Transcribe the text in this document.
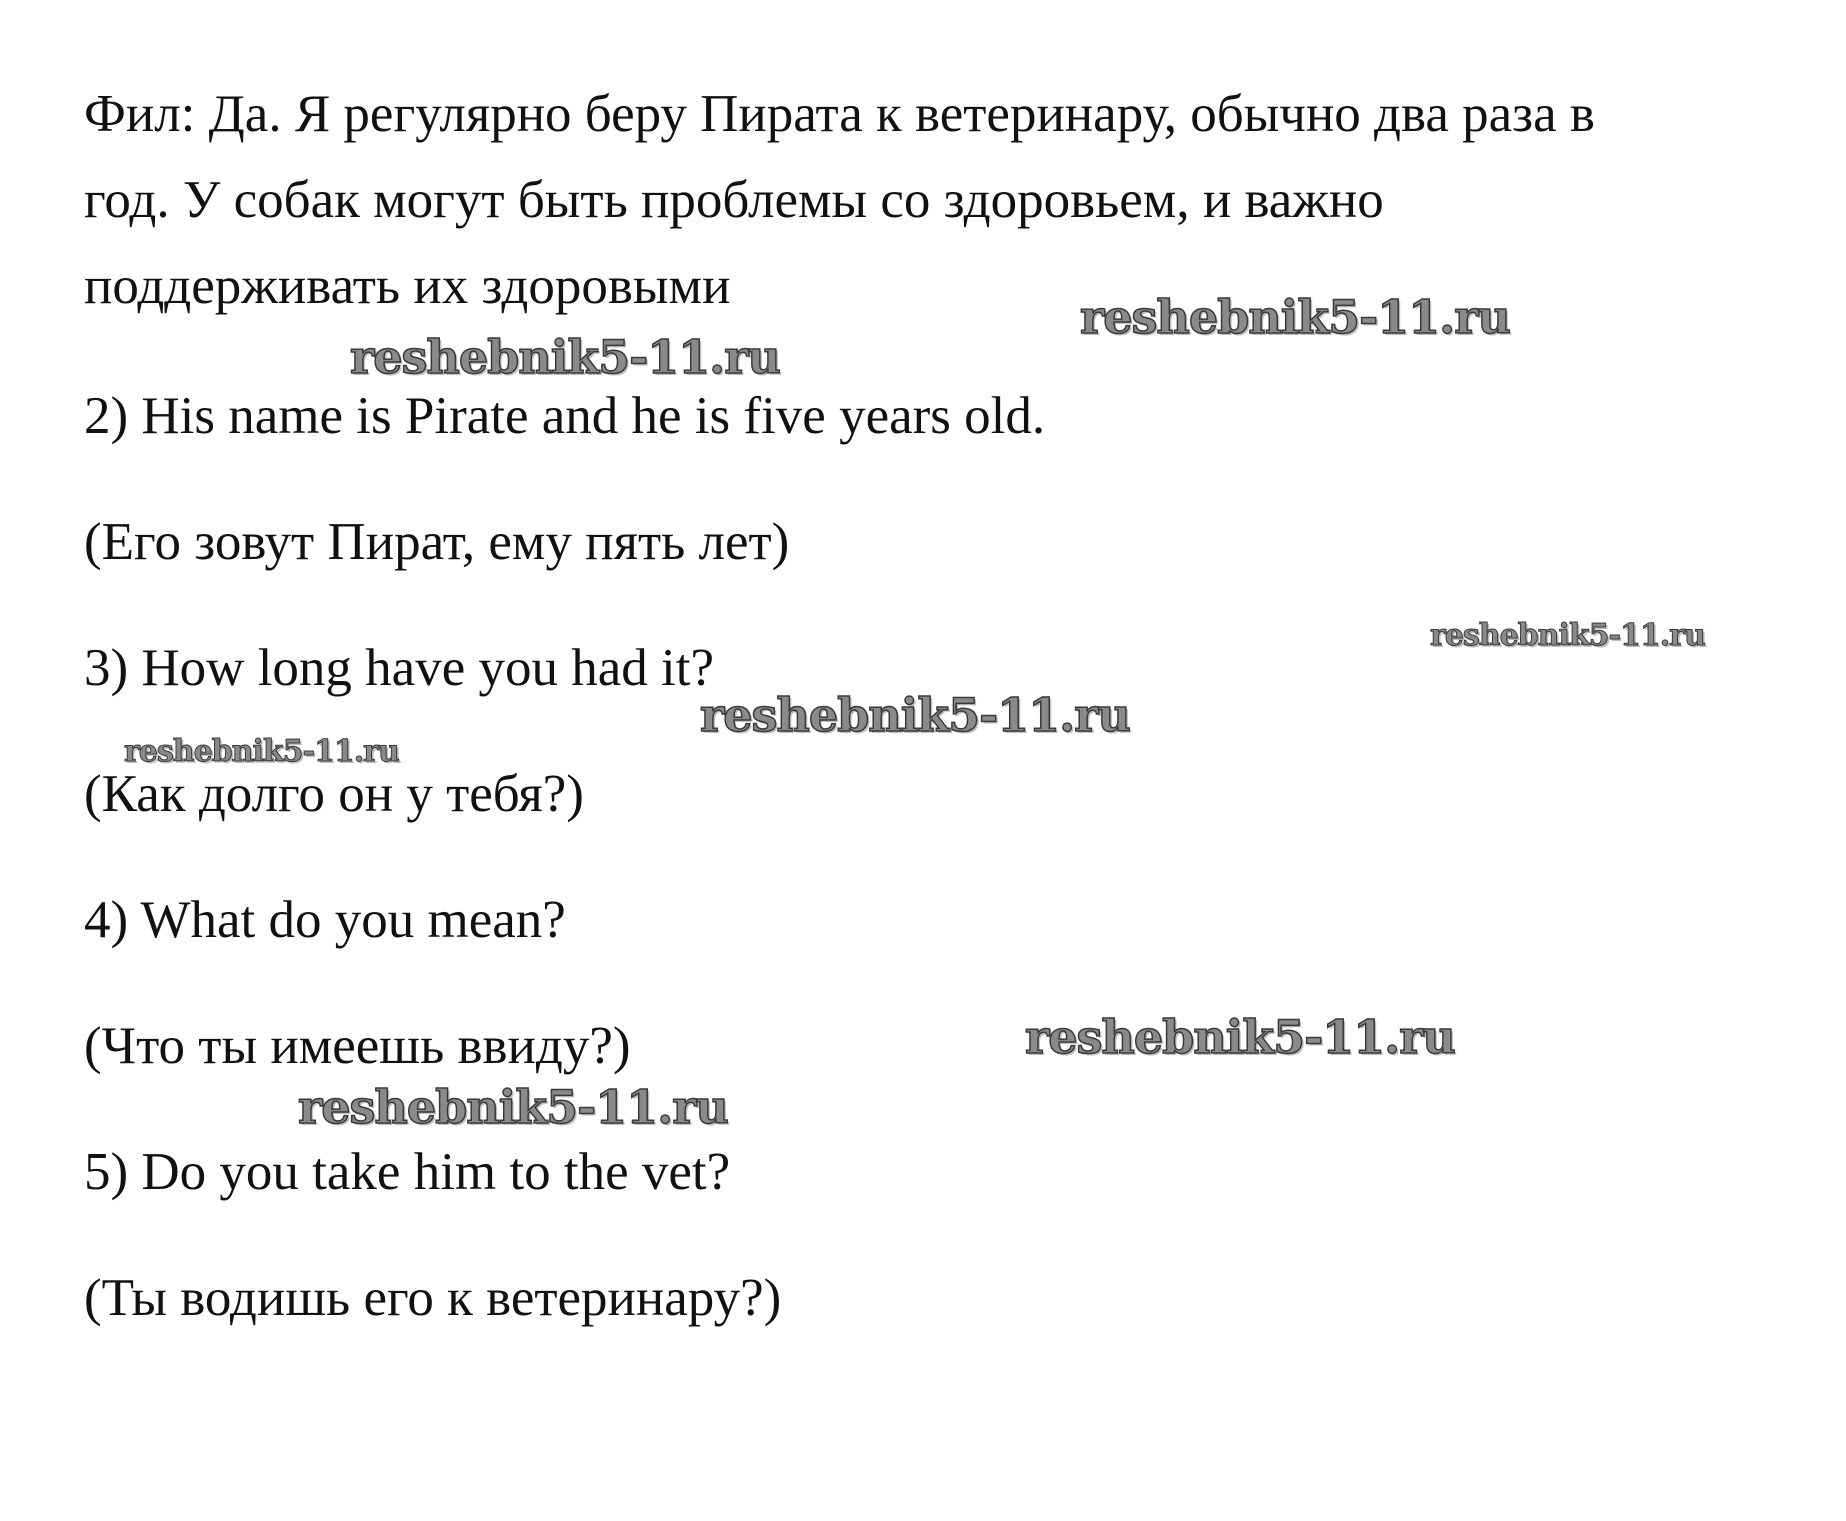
Фил: Да. Я регулярно беру Пирата к ветеринару, обычно два раза в
год. У собак могут быть проблемы со здоровьем, и важно
поддерживать их здоровыми
2) His name is Pirate and he is five years old.
(Его зовут Пират, ему пять лет)
3) How long have you had it?
(Как долго он у тебя?)
4) What do you mean?
(Что ты имеешь ввиду?)
5) Do you take him to the vet?
(Ты водишь его к ветеринару?)
reshebnik5-11.ru
reshebnik5-11.ru
reshebnik5-11.ru
reshebnik5-11.ru
reshebnik5-11.ru
reshebnik5-11.ru
reshebnik5-11.ru
